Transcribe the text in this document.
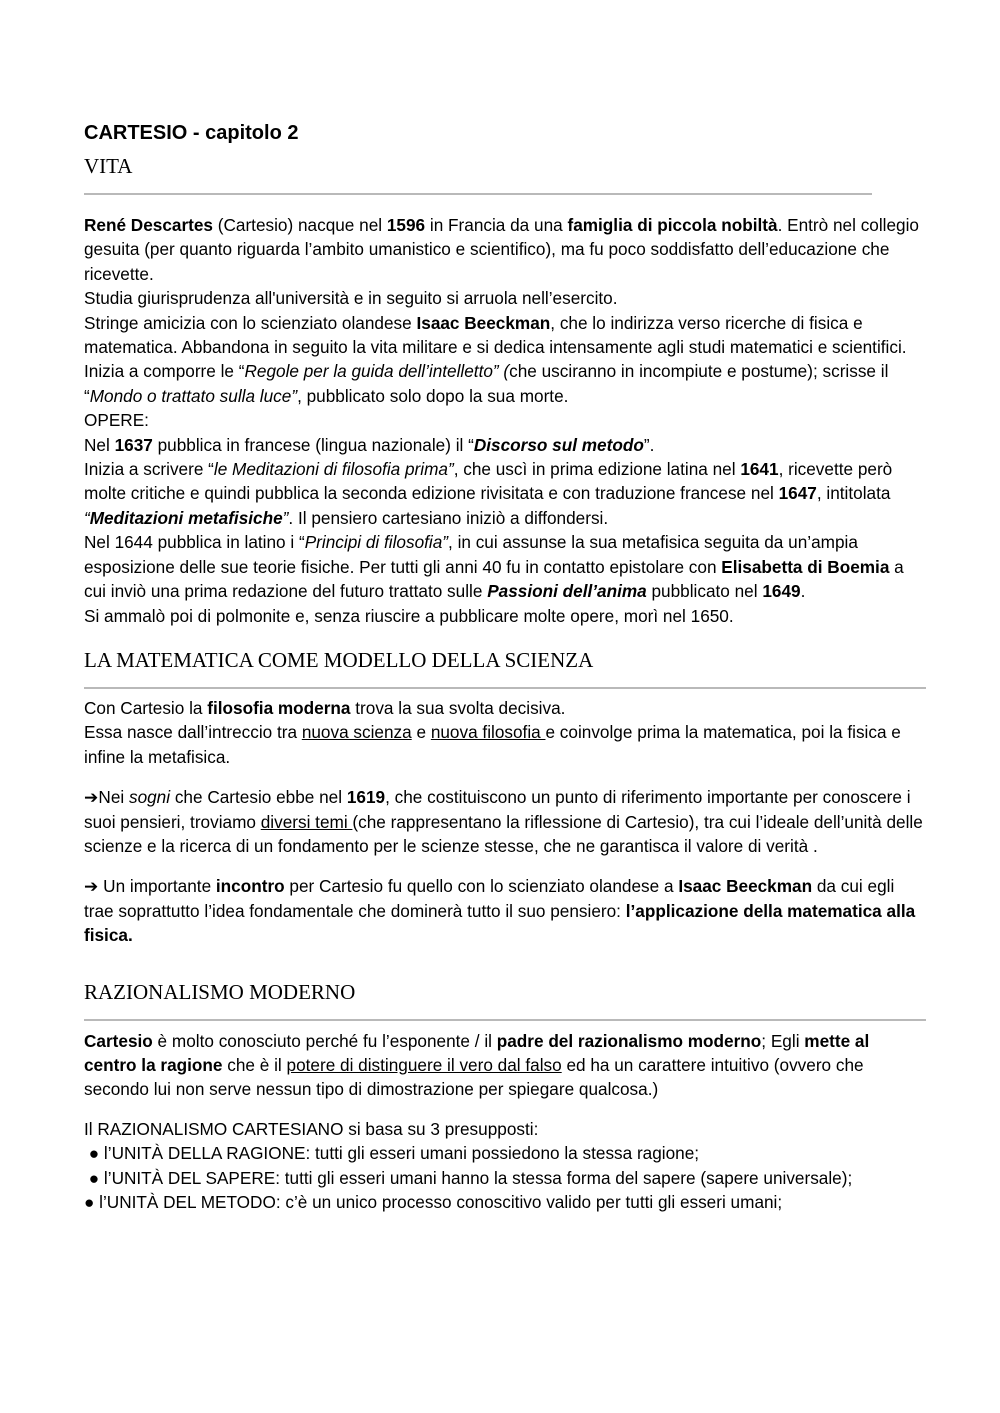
CARTESIO - capitolo 2
VITA

René Descartes (Cartesio) nacque nel 1596 in Francia da una famiglia di piccola nobiltà. Entrò nel collegio gesuita (per quanto riguarda l’ambito umanistico e scientifico), ma fu poco soddisfatto dell’educazione che ricevette.

Studia giurisprudenza all'università e in seguito si arruola nell’esercito.

Stringe amicizia con lo scienziato olandese Isaac Beeckman, che lo indirizza verso ricerche di fisica e matematica. Abbandona in seguito la vita militare e si dedica intensamente agli studi matematici e scientifici.

Inizia a comporre le “Regole per la guida dell’intelletto” (che usciranno in incompiute e postume); scrisse il “Mondo o trattato sulla luce”, pubblicato solo dopo la sua morte.

OPERE:

Nel 1637 pubblica in francese (lingua nazionale) il “Discorso sul metodo”.

Inizia a scrivere “le Meditazioni di filosofia prima”, che uscì in prima edizione latina nel 1641, ricevette però molte critiche e quindi pubblica la seconda edizione rivisitata e con traduzione francese nel 1647, intitolata “Meditazioni metafisiche”. Il pensiero cartesiano iniziò a diffondersi.

Nel 1644 pubblica in latino i “Principi di filosofia”, in cui assunse la sua metafisica seguita da un’ampia esposizione delle sue teorie fisiche. Per tutti gli anni 40 fu in contatto epistolare con Elisabetta di Boemia a cui inviò una prima redazione del futuro trattato sulle Passioni dell’anima pubblicato nel 1649.

Si ammalò poi di polmonite e, senza riuscire a pubblicare molte opere, morì nel 1650.

LA MATEMATICA COME MODELLO DELLA SCIENZA

Con Cartesio la filosofia moderna trova la sua svolta decisiva.

Essa nasce dall’intreccio tra nuova scienza e nuova filosofia e coinvolge prima la matematica, poi la fisica e infine la metafisica.

➔Nei sogni che Cartesio ebbe nel 1619, che costituiscono un punto di riferimento importante per conoscere i suoi pensieri, troviamo diversi temi (che rappresentano la riflessione di Cartesio), tra cui l’ideale dell’unità delle scienze e la ricerca di un fondamento per le scienze stesse, che ne garantisca il valore di verità .

➔ Un importante incontro per Cartesio fu quello con lo scienziato olandese a Isaac Beeckman da cui egli trae soprattutto l’idea fondamentale che dominerà tutto il suo pensiero: l’applicazione della matematica alla fisica.

RAZIONALISMO MODERNO

Cartesio è molto conosciuto perché fu l’esponente / il padre del razionalismo moderno; Egli mette al centro la ragione che è il potere di distinguere il vero dal falso ed ha un carattere intuitivo (ovvero che secondo lui non serve nessun tipo di dimostrazione per spiegare qualcosa.)

Il RAZIONALISMO CARTESIANO si basa su 3 presupposti:

● l’UNITÀ DELLA RAGIONE: tutti gli esseri umani possiedono la stessa ragione;

● l’UNITÀ DEL SAPERE: tutti gli esseri umani hanno la stessa forma del sapere (sapere universale);

● l’UNITÀ DEL METODO: c’è un unico processo conoscitivo valido per tutti gli esseri umani;
